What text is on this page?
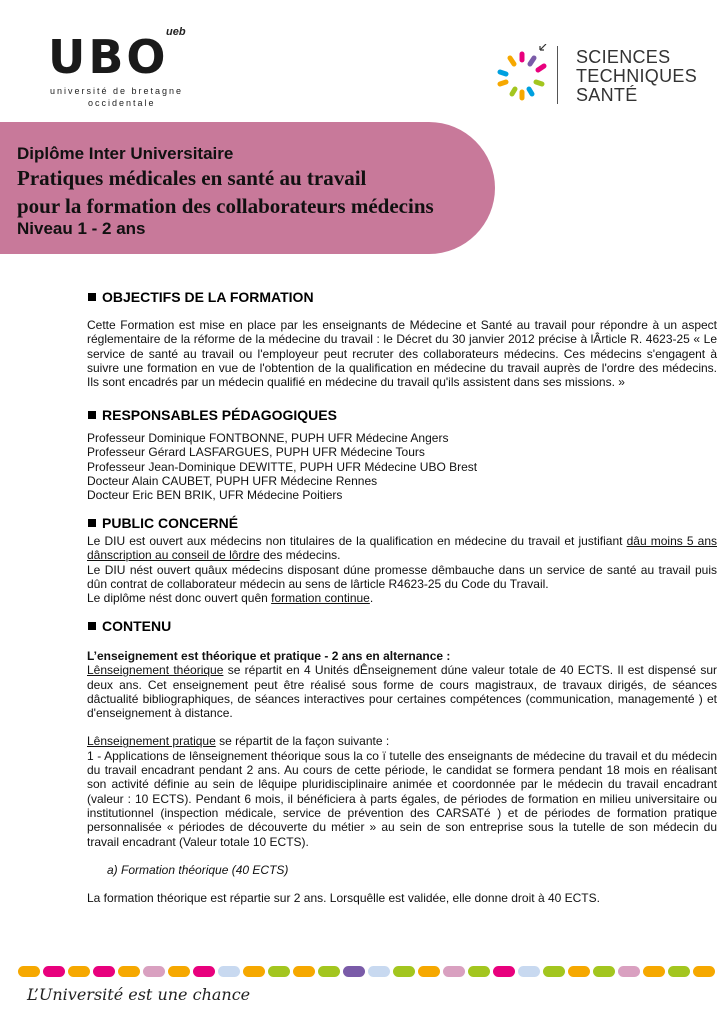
UBO
ueb
université de bretagne
occidentale
SCIENCES
TECHNIQUES
SANTÉ
Diplôme Inter Universitaire
Pratiques médicales en santé au travail
pour la formation des collaborateurs médecins
Niveau 1 - 2 ans
OBJECTIFS DE LA FORMATION

Cette Formation est mise en place par les enseignants de Médecine et Santé au travail pour répondre à un aspect réglementaire de la réforme de la médecine du travail : le Décret du 30 janvier 2012 précise à lÂrticle R. 4623-25 « Le service de santé au travail ou l'employeur peut recruter des collaborateurs médecins. Ces médecins s'engagent à suivre une formation en vue de l'obtention de la qualification en médecine du travail auprès de l'ordre des médecins. Ils sont encadrés par un médecin qualifié en médecine du travail qu'ils assistent dans ses missions. »

RESPONSABLES PÉDAGOGIQUES
Professeur Dominique FONTBONNE, PUPH UFR Médecine Angers
Professeur Gérard LASFARGUES, PUPH UFR Médecine Tours
Professeur Jean-Dominique DEWITTE, PUPH UFR Médecine UBO Brest
Docteur Alain CAUBET, PUPH UFR Médecine Rennes
Docteur Eric BEN BRIK, UFR Médecine Poitiers
PUBLIC CONCERNÉ

Le DIU est ouvert aux médecins non titulaires de la qualification en médecine du travail et justifiant dâu moins 5 ans dânscription au conseil de lôrdre des médecins.

Le DIU nést ouvert quâux médecins disposant dúne promesse dêmbauche dans un service de santé au travail puis dûn contrat de collaborateur médecin au sens de lârticle R4623-25 du Code du Travail.

Le diplôme nést donc ouvert quên formation continue.

CONTENU

L’enseignement est théorique et pratique - 2 ans en alternance :

Lênseignement théorique se répartit en 4 Unités dÊnseignement dúne valeur totale de 40 ECTS. Il est dispensé sur deux ans. Cet enseignement peut être réalisé sous forme de cours magistraux, de travaux dirigés, de séances dâctualité bibliographiques, de séances interactives pour certaines compétences (communication, managementé ) et d'enseignement à distance.

Lênseignement pratique se répartit de la façon suivante :

1 - Applications de lênseignement théorique sous la co ï tutelle des enseignants de médecine du travail et du médecin du travail encadrant pendant 2 ans. Au cours de cette période, le candidat se formera pendant 18 mois en réalisant son activité définie au sein de lêquipe pluridisciplinaire animée et coordonnée par le médecin du travail encadrant (valeur : 10 ECTS). Pendant 6 mois, il bénéficiera à parts égales, de périodes de formation en milieu universitaire ou institutionnel (inspection médicale, service de prévention des CARSATé ) et de périodes de formation pratique personnalisée « périodes de découverte du métier » au sein de son entreprise sous la tutelle de son médecin du travail encadrant (Valeur totale 10 ECTS).

a) Formation théorique (40 ECTS)

La formation théorique est répartie sur 2 ans. Lorsquêlle est validée, elle donne droit à 40 ECTS.

L’Université est une chance
